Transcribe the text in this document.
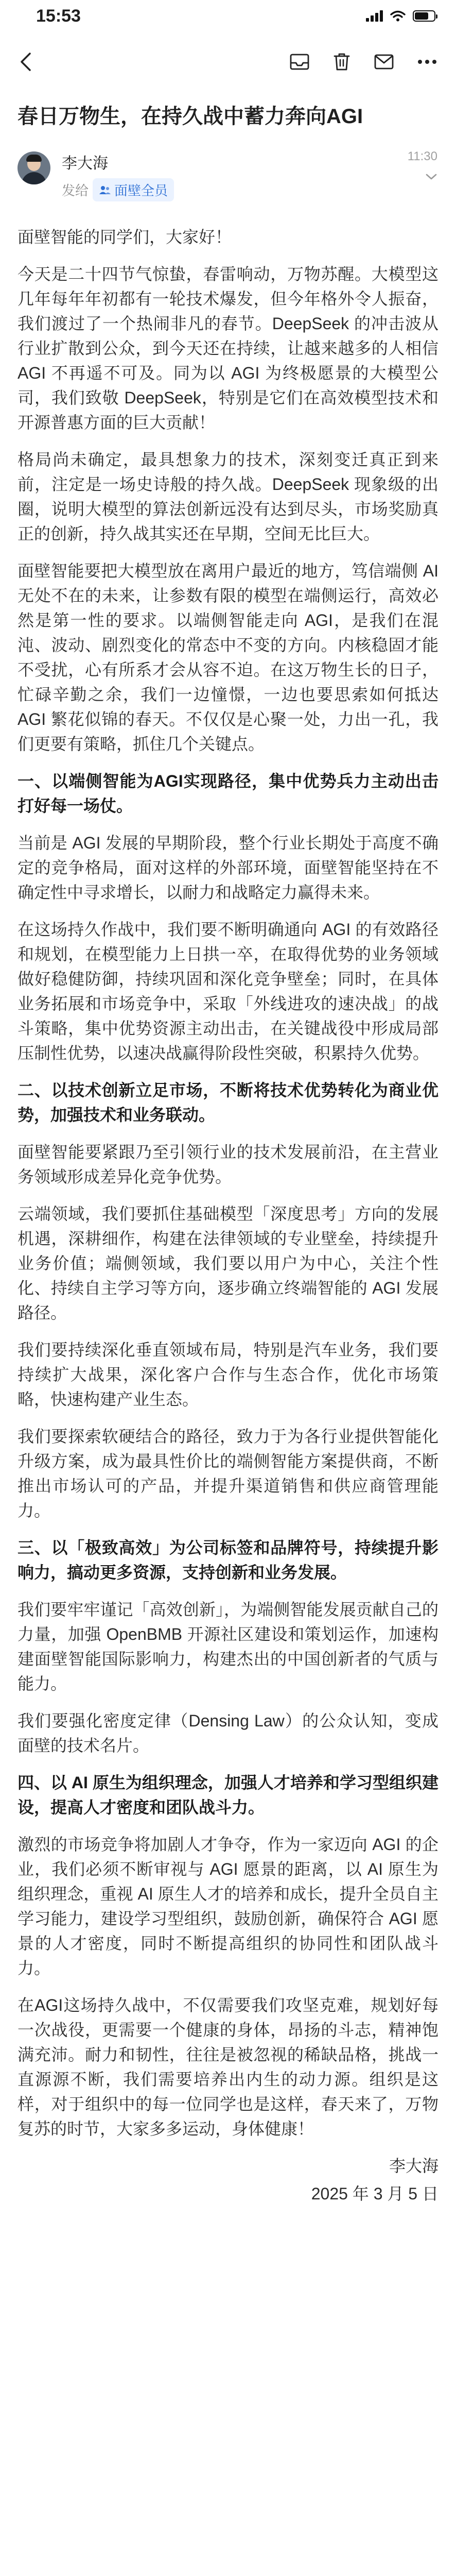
15:53
春日万物生，在持久战中蓄力奔向AGI
李大海
发给 面壁全员
11:30

面壁智能的同学们，大家好！

今天是二十四节气惊蛰，春雷响动，万物苏醒。大模型这几年每年年初都有一轮技术爆发，但今年格外令人振奋，我们渡过了一个热闹非凡的春节。DeepSeek 的冲击波从行业扩散到公众，到今天还在持续，让越来越多的人相信 AGI 不再遥不可及。同为以 AGI 为终极愿景的大模型公司，我们致敬 DeepSeek，特别是它们在高效模型技术和开源普惠方面的巨大贡献！

格局尚未确定，最具想象力的技术，深刻变迁真正到来前，注定是一场史诗般的持久战。DeepSeek 现象级的出圈，说明大模型的算法创新远没有达到尽头，市场奖励真正的创新，持久战其实还在早期，空间无比巨大。

面壁智能要把大模型放在离用户最近的地方，笃信端侧 AI 无处不在的未来，让参数有限的模型在端侧运行，高效必然是第一性的要求。以端侧智能走向 AGI，是我们在混沌、波动、剧烈变化的常态中不变的方向。内核稳固才能不受扰，心有所系才会从容不迫。在这万物生长的日子，忙碌辛勤之余，我们一边憧憬，一边也要思索如何抵达 AGI 繁花似锦的春天。不仅仅是心聚一处，力出一孔，我们更要有策略，抓住几个关键点。

一、以端侧智能为AGI实现路径，集中优势兵力主动出击打好每一场仗。

当前是 AGI 发展的早期阶段，整个行业长期处于高度不确定的竞争格局，面对这样的外部环境，面壁智能坚持在不确定性中寻求增长，以耐力和战略定力赢得未来。

在这场持久作战中，我们要不断明确通向 AGI 的有效路径和规划，在模型能力上日拱一卒，在取得优势的业务领域做好稳健防御，持续巩固和深化竞争壁垒；同时，在具体业务拓展和市场竞争中，采取「外线进攻的速决战」的战斗策略，集中优势资源主动出击，在关键战役中形成局部压制性优势，以速决战赢得阶段性突破，积累持久优势。

二、以技术创新立足市场，不断将技术优势转化为商业优势，加强技术和业务联动。

面壁智能要紧跟乃至引领行业的技术发展前沿，在主营业务领域形成差异化竞争优势。

云端领域，我们要抓住基础模型「深度思考」方向的发展机遇，深耕细作，构建在法律领域的专业壁垒，持续提升业务价值；端侧领域，我们要以用户为中心，关注个性化、持续自主学习等方向，逐步确立终端智能的 AGI 发展路径。

我们要持续深化垂直领域布局，特别是汽车业务，我们要持续扩大战果，深化客户合作与生态合作，优化市场策略，快速构建产业生态。

我们要探索软硬结合的路径，致力于为各行业提供智能化升级方案，成为最具性价比的端侧智能方案提供商，不断推出市场认可的产品，并提升渠道销售和供应商管理能力。

三、以「极致高效」为公司标签和品牌符号，持续提升影响力，搞动更多资源，支持创新和业务发展。

我们要牢牢谨记「高效创新」，为端侧智能发展贡献自己的力量，加强 OpenBMB 开源社区建设和策划运作，加速构建面壁智能国际影响力，构建杰出的中国创新者的气质与能力。

我们要强化密度定律（Densing Law）的公众认知，变成面壁的技术名片。

四、以 AI 原生为组织理念，加强人才培养和学习型组织建设，提高人才密度和团队战斗力。

激烈的市场竞争将加剧人才争夺，作为一家迈向 AGI 的企业，我们必须不断审视与 AGI 愿景的距离，以 AI 原生为组织理念，重视 AI 原生人才的培养和成长，提升全员自主学习能力，建设学习型组织，鼓励创新，确保符合 AGI 愿景的人才密度，同时不断提高组织的协同性和团队战斗力。

在AGI这场持久战中，不仅需要我们攻坚克难，规划好每一次战役，更需要一个健康的身体，昂扬的斗志，精神饱满充沛。耐力和韧性，往往是被忽视的稀缺品格，挑战一直源源不断，我们需要培养出内生的动力源。组织是这样，对于组织中的每一位同学也是这样，春天来了，万物复苏的时节，大家多多运动，身体健康！

李大海

2025 年 3 月 5 日
